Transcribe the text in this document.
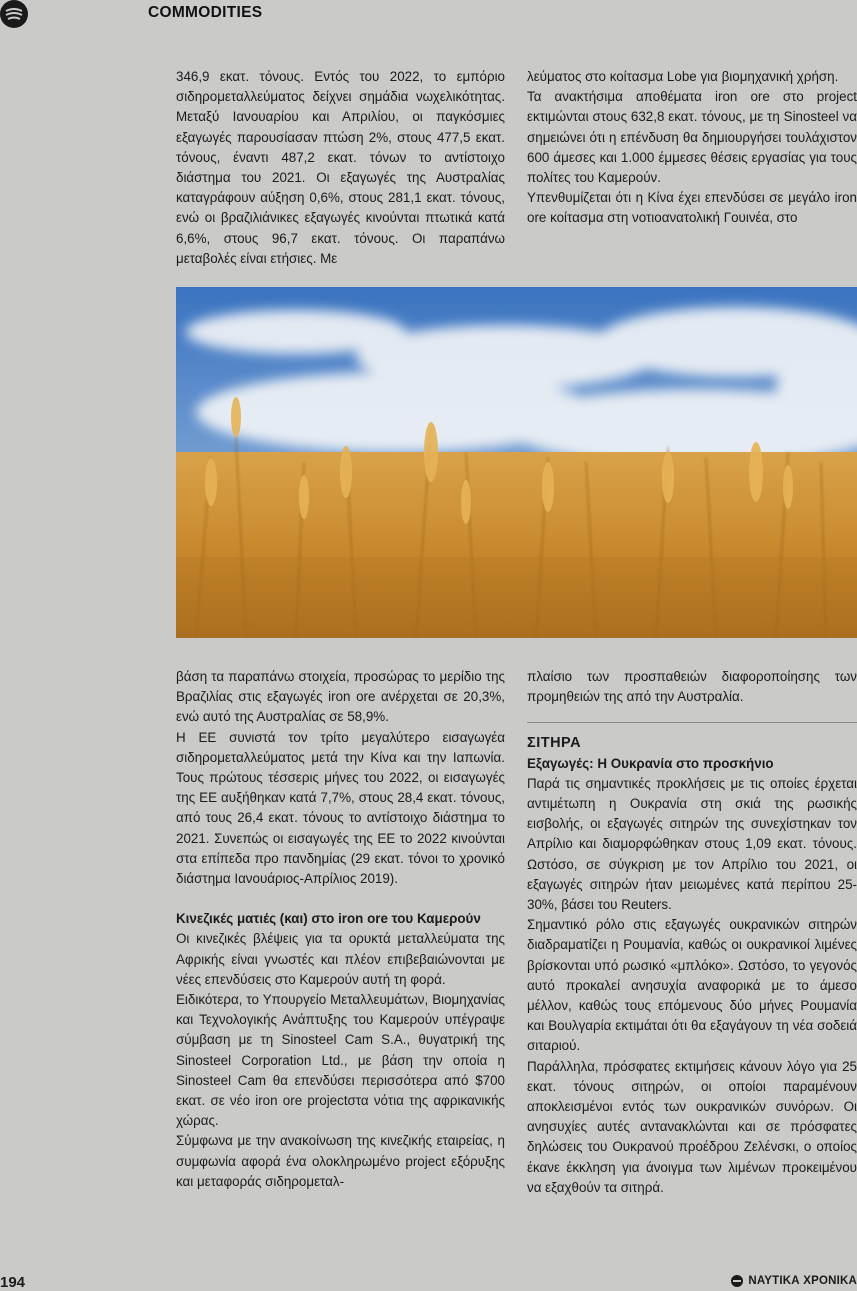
COMMODITIES

346,9 εκατ. τόνους. Εντός του 2022, το εμπόριο σιδηρομεταλλεύματος δείχνει σημάδια νωχελικότητας. Μεταξύ Ιανουαρίου και Απριλίου, οι παγκόσμιες εξαγωγές παρουσίασαν πτώση 2%, στους 477,5 εκατ. τόνους, έναντι 487,2 εκατ. τόνων το αντίστοιχο διάστημα του 2021. Οι εξαγωγές της Αυστραλίας καταγράφουν αύξηση 0,6%, στους 281,1 εκατ. τόνους, ενώ οι βραζιλιάνικες εξαγωγές κινούνται πτωτικά κατά 6,6%, στους 96,7 εκατ. τόνους. Οι παραπάνω μεταβολές είναι ετήσιες. Με

λεύματος στο κοίτασμα Lobe για βιομηχανική χρήση.

Τα ανακτήσιμα αποθέματα iron ore στο project εκτιμώνται στους 632,8 εκατ. τόνους, με τη Sinosteel να σημειώνει ότι η επένδυση θα δημιουργήσει τουλάχιστον 600 άμεσες και 1.000 έμμεσες θέσεις εργασίας για τους πολίτες του Καμερούν.

Υπενθυμίζεται ότι η Κίνα έχει επενδύσει σε μεγάλο iron ore κοίτασμα στη νοτιοανατολική Γουινέα, στο

βάση τα παραπάνω στοιχεία, προσώρας το μερίδιο της Βραζιλίας στις εξαγωγές iron ore ανέρχεται σε 20,3%, ενώ αυτό της Αυστραλίας σε 58,9%.

Η ΕΕ συνιστά τον τρίτο μεγαλύτερο εισαγωγέα σιδηρομεταλλεύματος μετά την Κίνα και την Ιαπωνία. Τους πρώτους τέσσερις μήνες του 2022, οι εισαγωγές της ΕΕ αυξήθηκαν κατά 7,7%, στους 28,4 εκατ. τόνους, από τους 26,4 εκατ. τόνους το αντίστοιχο διάστημα το 2021. Συνεπώς οι εισαγωγές της ΕΕ το 2022 κινούνται στα επίπεδα προ πανδημίας (29 εκατ. τόνοι το χρονικό διάστημα Ιανουάριος-Απρίλιος 2019).

Κινεζικές ματιές (και) στο iron ore του Καμερούν

Οι κινεζικές βλέψεις για τα ορυκτά μεταλλεύματα της Αφρικής είναι γνωστές και πλέον επιβεβαιώνονται με νέες επενδύσεις στο Καμερούν αυτή τη φορά.

Ειδικότερα, το Υπουργείο Μεταλλευμάτων, Βιομηχανίας και Τεχνολογικής Ανάπτυξης του Καμερούν υπέγραψε σύμβαση με τη Sinosteel Cam S.A., θυγατρική της Sinosteel Corporation Ltd., με βάση την οποία η Sinosteel Cam θα επενδύσει περισσότερα από $700 εκατ. σε νέο iron ore projectστα νότια της αφρικανικής χώρας.

Σύμφωνα με την ανακοίνωση της κινεζικής εταιρείας, η συμφωνία αφορά ένα ολοκληρωμένο project εξόρυξης και μεταφοράς σιδηρομεταλ-

πλαίσιο των προσπαθειών διαφοροποίησης των προμηθειών της από την Αυστραλία.

ΣΙΤΗΡΑ

Εξαγωγές: Η Ουκρανία στο προσκήνιο

Παρά τις σημαντικές προκλήσεις με τις οποίες έρχεται αντιμέτωπη η Ουκρανία στη σκιά της ρωσικής εισβολής, οι εξαγωγές σιτηρών της συνεχίστηκαν τον Απρίλιο και διαμορφώθηκαν στους 1,09 εκατ. τόνους. Ωστόσο, σε σύγκριση με τον Απρίλιο του 2021, οι εξαγωγές σιτηρών ήταν μειωμένες κατά περίπου 25-30%, βάσει του Reuters.

Σημαντικό ρόλο στις εξαγωγές ουκρανικών σιτηρών διαδραματίζει η Ρουμανία, καθώς οι ουκρανικοί λιμένες βρίσκονται υπό ρωσικό «μπλόκο». Ωστόσο, το γεγονός αυτό προκαλεί ανησυχία αναφορικά με το άμεσο μέλλον, καθώς τους επόμενους δύο μήνες Ρουμανία και Βουλγαρία εκτιμάται ότι θα εξαγάγουν τη νέα σοδειά σιταριού.

Παράλληλα, πρόσφατες εκτιμήσεις κάνουν λόγο για 25 εκατ. τόνους σιτηρών, οι οποίοι παραμένουν αποκλεισμένοι εντός των ουκρανικών συνόρων. Οι ανησυχίες αυτές αντανακλώνται και σε πρόσφατες δηλώσεις του Ουκρανού προέδρου Ζελένσκι, ο οποίος έκανε έκκληση για άνοιγμα των λιμένων προκειμένου να εξαχθούν τα σιτηρά.

194	ΝΑΥΤΙΚΑ ΧΡΟΝΙΚΑ
